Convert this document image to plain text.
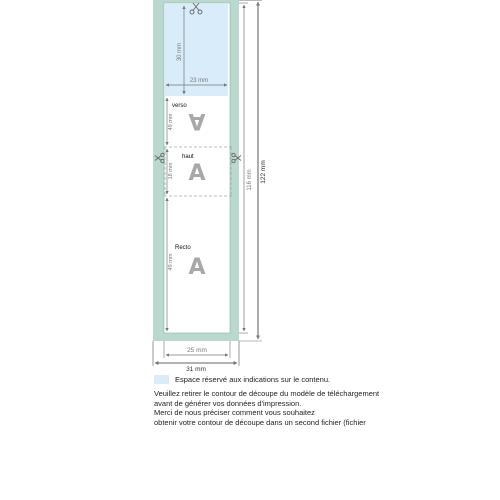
30 mm
23 mm
verso
A
49 mm
haut
A
18 mm
Recto
A
49 mm
116 mm 122 mm
25 mm
31 mm
Espace réservé aux indications sur le contenu.
Veuillez retirer le contour de découpe du modèle de téléchargement
avant de générer vos données d'impression.
Merci de nous préciser comment vous souhaitez
obtenir votre contour de découpe dans un second fichier (fichier
